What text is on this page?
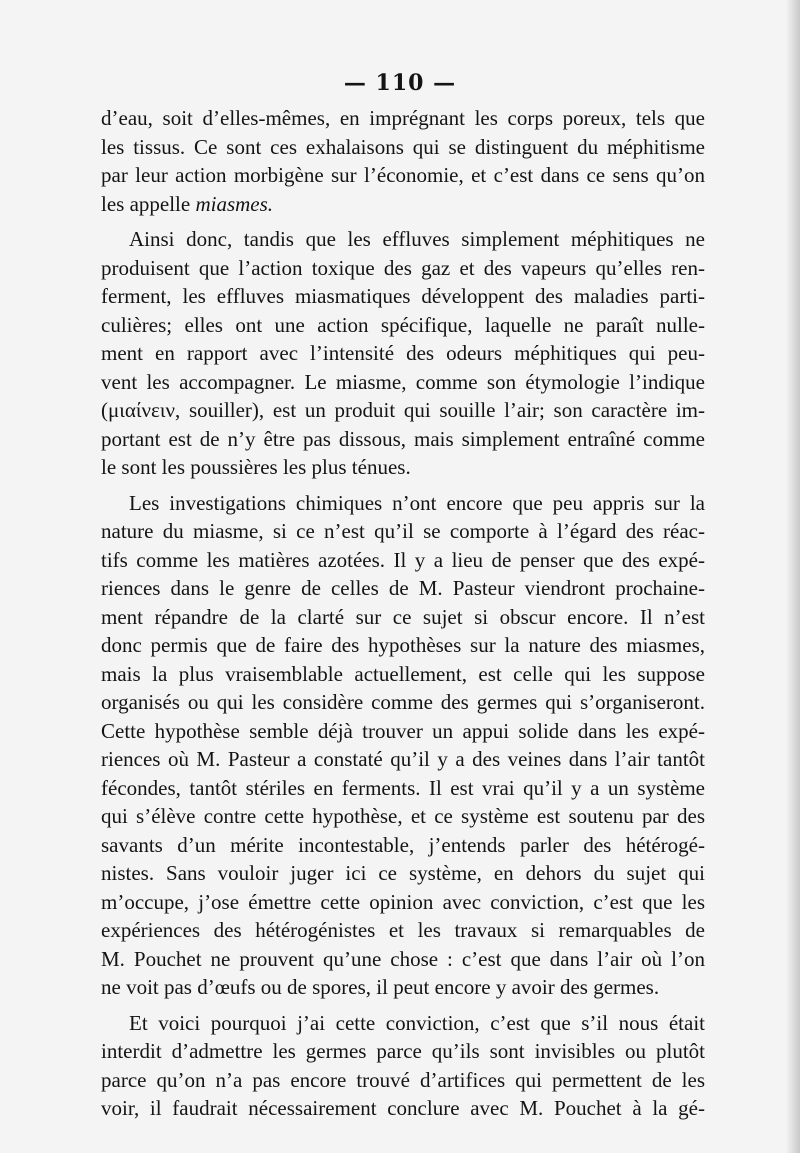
— 110 —
d’eau, soit d’elles-mêmes, en imprégnant les corps poreux, tels que
les tissus. Ce sont ces exhalaisons qui se distinguent du méphitisme
par leur action morbigène sur l’économie, et c’est dans ce sens qu’on
les appelle miasmes.
Ainsi donc, tandis que les effluves simplement méphitiques ne
produisent que l’action toxique des gaz et des vapeurs qu’elles ren-
ferment, les effluves miasmatiques développent des maladies parti-
culières; elles ont une action spécifique, laquelle ne paraît nulle-
ment en rapport avec l’intensité des odeurs méphitiques qui peu-
vent les accompagner. Le miasme, comme son étymologie l’indique
(μιαίνειν, souiller), est un produit qui souille l’air; son caractère im-
portant est de n’y être pas dissous, mais simplement entraîné comme
le sont les poussières les plus ténues.
Les investigations chimiques n’ont encore que peu appris sur la
nature du miasme, si ce n’est qu’il se comporte à l’égard des réac-
tifs comme les matières azotées. Il y a lieu de penser que des expé-
riences dans le genre de celles de M. Pasteur viendront prochaine-
ment répandre de la clarté sur ce sujet si obscur encore. Il n’est
donc permis que de faire des hypothèses sur la nature des miasmes,
mais la plus vraisemblable actuellement, est celle qui les suppose
organisés ou qui les considère comme des germes qui s’organiseront.
Cette hypothèse semble déjà trouver un appui solide dans les expé-
riences où M. Pasteur a constaté qu’il y a des veines dans l’air tantôt
fécondes, tantôt stériles en ferments. Il est vrai qu’il y a un système
qui s’élève contre cette hypothèse, et ce système est soutenu par des
savants d’un mérite incontestable, j’entends parler des hétérogé-
nistes. Sans vouloir juger ici ce système, en dehors du sujet qui
m’occupe, j’ose émettre cette opinion avec conviction, c’est que les
expériences des hétérogénistes et les travaux si remarquables de
M. Pouchet ne prouvent qu’une chose : c’est que dans l’air où l’on
ne voit pas d’œufs ou de spores, il peut encore y avoir des germes.
Et voici pourquoi j’ai cette conviction, c’est que s’il nous était
interdit d’admettre les germes parce qu’ils sont invisibles ou plutôt
parce qu’on n’a pas encore trouvé d’artifices qui permettent de les
voir, il faudrait nécessairement conclure avec M. Pouchet à la gé-
